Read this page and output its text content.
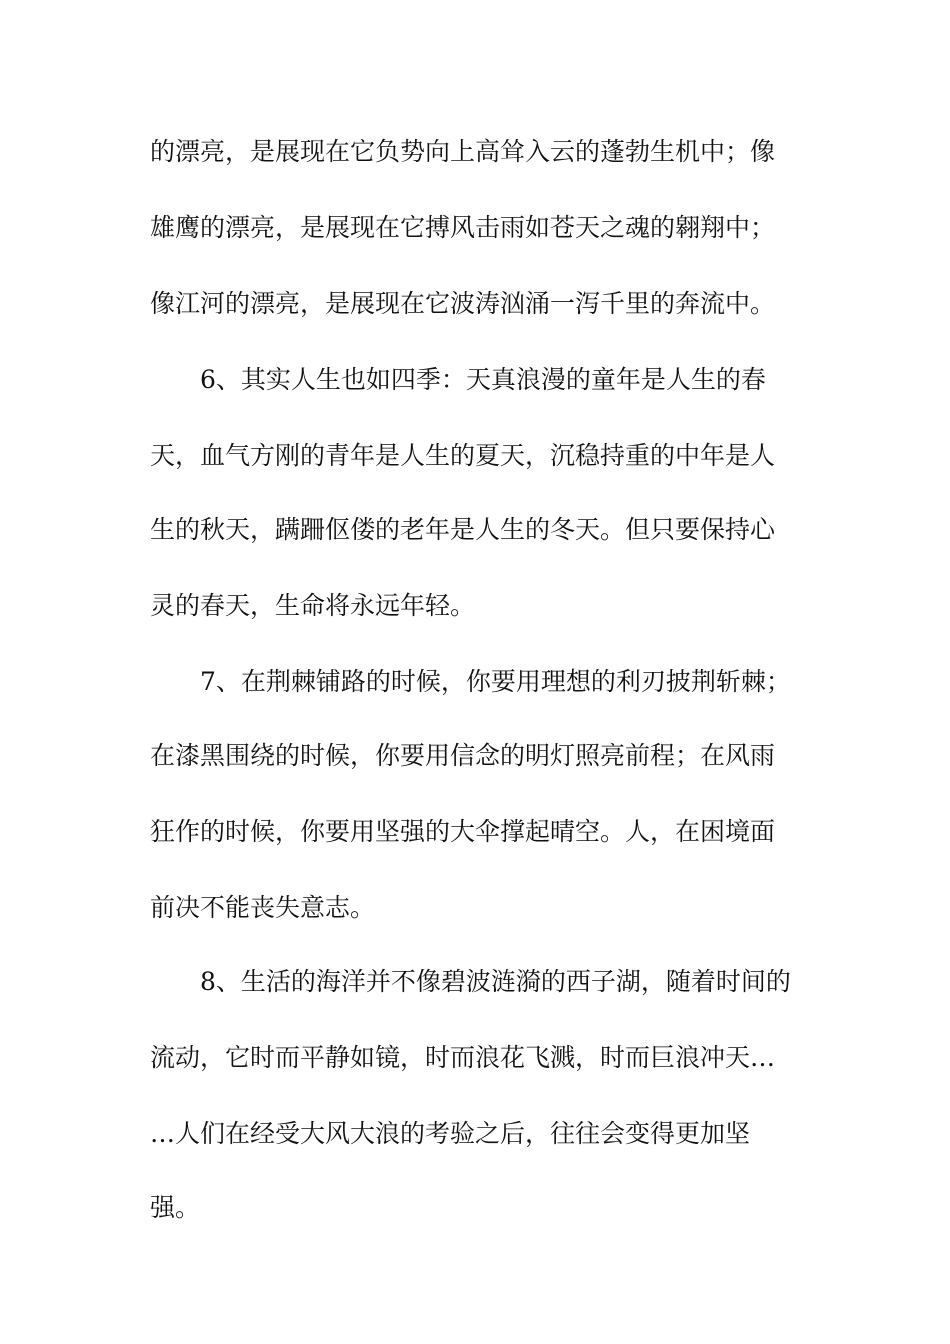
的漂亮，是展现在它负势向上高耸入云的蓬勃生机中；像

雄鹰的漂亮，是展现在它搏风击雨如苍天之魂的翱翔中；

像江河的漂亮，是展现在它波涛汹涌一泻千里的奔流中。

6、其实人生也如四季：天真浪漫的童年是人生的春

天，血气方刚的青年是人生的夏天，沉稳持重的中年是人

生的秋天，蹒跚伛偻的老年是人生的冬天。但只要保持心

灵的春天，生命将永远年轻。

7、在荆棘铺路的时候，你要用理想的利刃披荆斩棘；

在漆黑围绕的时候，你要用信念的明灯照亮前程；在风雨

狂作的时候，你要用坚强的大伞撑起晴空。人，在困境面

前决不能丧失意志。

8、生活的海洋并不像碧波涟漪的西子湖，随着时间的

流动，它时而平静如镜，时而浪花飞溅，时而巨浪冲天…

…人们在经受大风大浪的考验之后，往往会变得更加坚

强。
